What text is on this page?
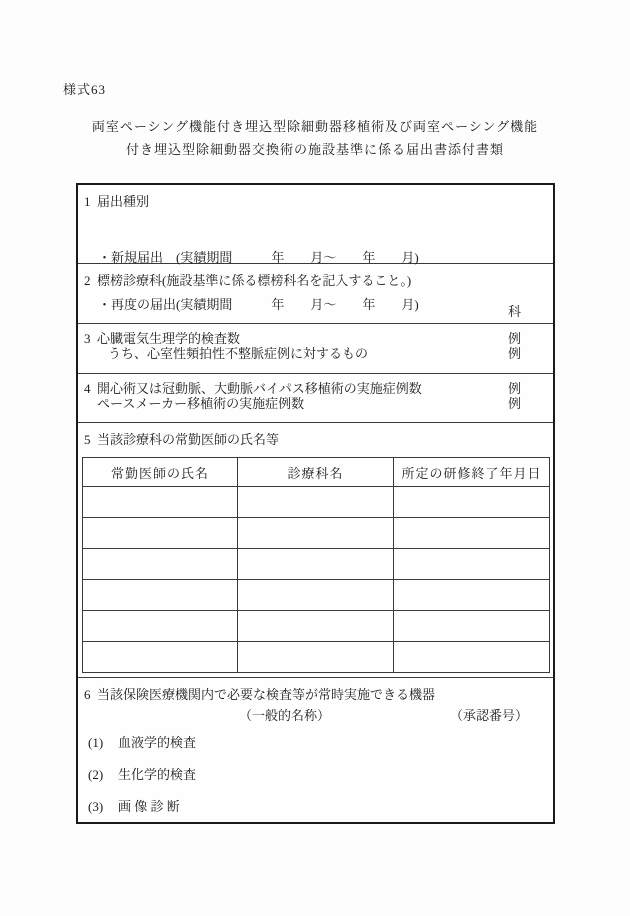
様式63
両室ペーシング機能付き埋込型除細動器移植術及び両室ペーシング機能
付き埋込型除細動器交換術の施設基準に係る届出書添付書類
1 届出種別

・新規届出　(実績期間　　　年　　月～　　年　　月)

・再度の届出(実績期間　　　年　　月～　　年　　月)

2 標榜診療科(施設基準に係る標榜科名を記入すること。)
科
3 心臓電気生理学的検査数	例
うち、心室性頻拍性不整脈症例に対するもの	例
4 開心術又は冠動脈、大動脈バイパス移植術の実施症例数	例
ペースメーカー移植術の実施症例数	例
5 当該診療科の常勤医師の氏名等
常勤医師の氏名	診療科名	所定の研修終了年月日

6 当該保険医療機関内で必要な検査等が常時実施できる機器
（一般的名称）	（承認番号）
(1) 血液学的検査
(2) 生化学的検査
(3) 画 像 診 断
